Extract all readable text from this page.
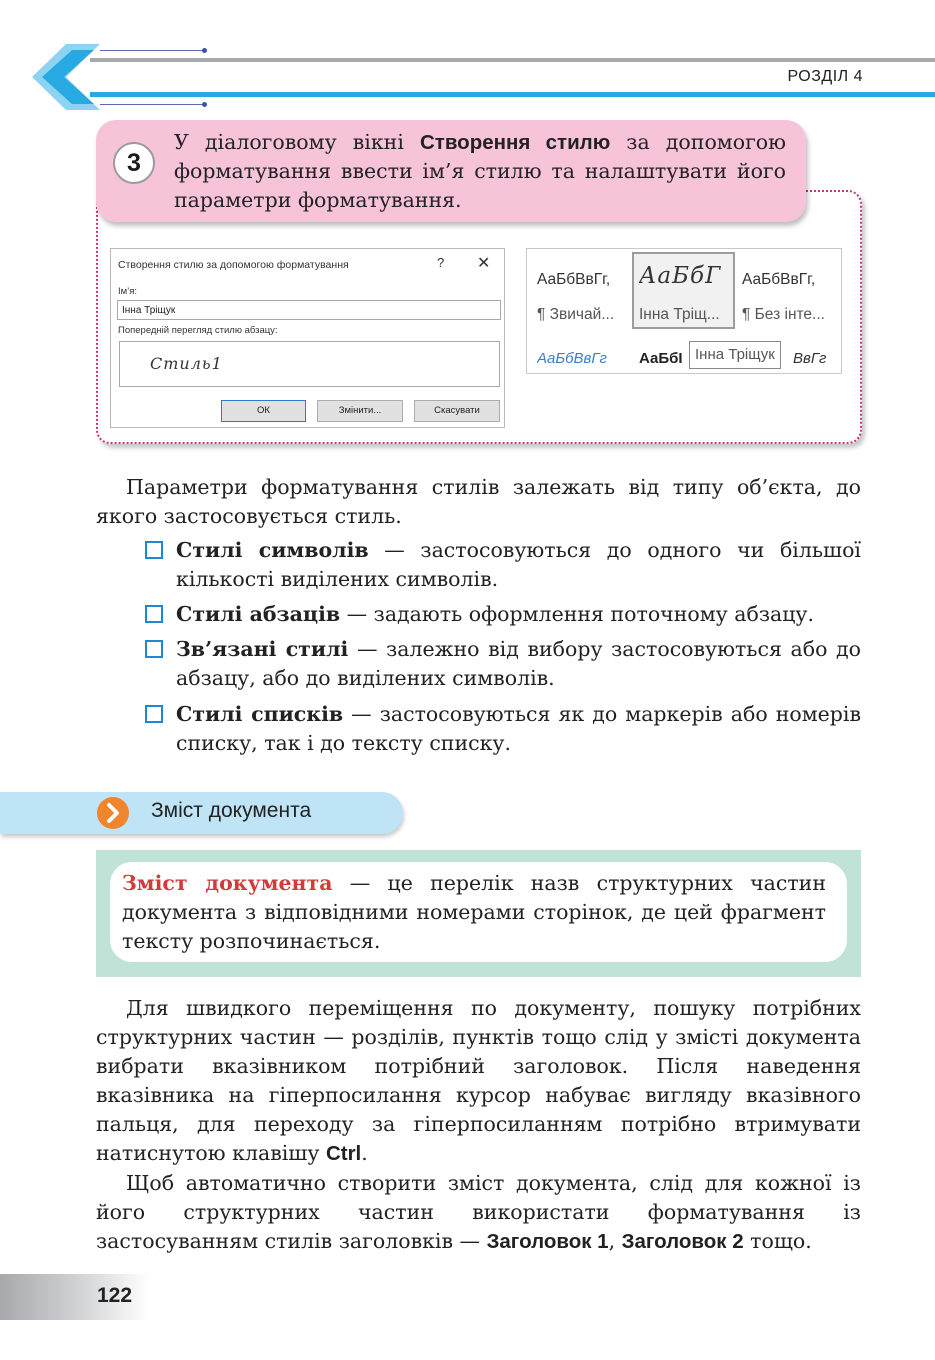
РОЗДІЛ 4
3
У діалоговому вікні Створення стилю за допомогою форматування ввести ім’я стилю та налаштувати його параметри форматування.
Створення стилю за допомогою форматування	? ✕
Ім’я:
Інна Тріщук
Попередній перегляд стилю абзацу:
Стиль1
ОК	Змінити...	Скасувати
АаБбВвГг,
¶ Звичай...
АаБбГ
Інна Тріщ...
АаБбВвГг,
¶ Без інте...
АаБбВвГг	АаБбI	ВвГг
Інна Тріщук
Параметри форматування стилів залежать від типу об’єкта, до якого застосовується стиль.
Стилі символів — застосовуються до одного чи більшої кількості виділених символів.
Стилі абзаців — задають оформлення поточному абзацу.
Зв’язані стилі — залежно від вибору застосовуються або до абзацу, або до виділених символів.
Стилі списків — застосовуються як до маркерів або номерів списку, так і до тексту списку.
Зміст документа
Зміст документа — це перелік назв структурних частин документа з відповідними номерами сторінок, де цей фрагмент тексту розпочинається.
Для швидкого переміщення по документу, пошуку потрібних структурних частин — розділів, пунктів тощо слід у змісті документа вибрати вказівником потрібний заголовок. Після наведення вказівника на гіперпосилання курсор набуває вигляду вказівного пальця, для переходу за гіперпосиланням потрібно втримувати натиснутою клавішу Ctrl.
Щоб автоматично створити зміст документа, слід для кожної із його структурних частин використати форматування із застосуванням стилів заголовків — Заголовок 1, Заголовок 2 тощо.
122
